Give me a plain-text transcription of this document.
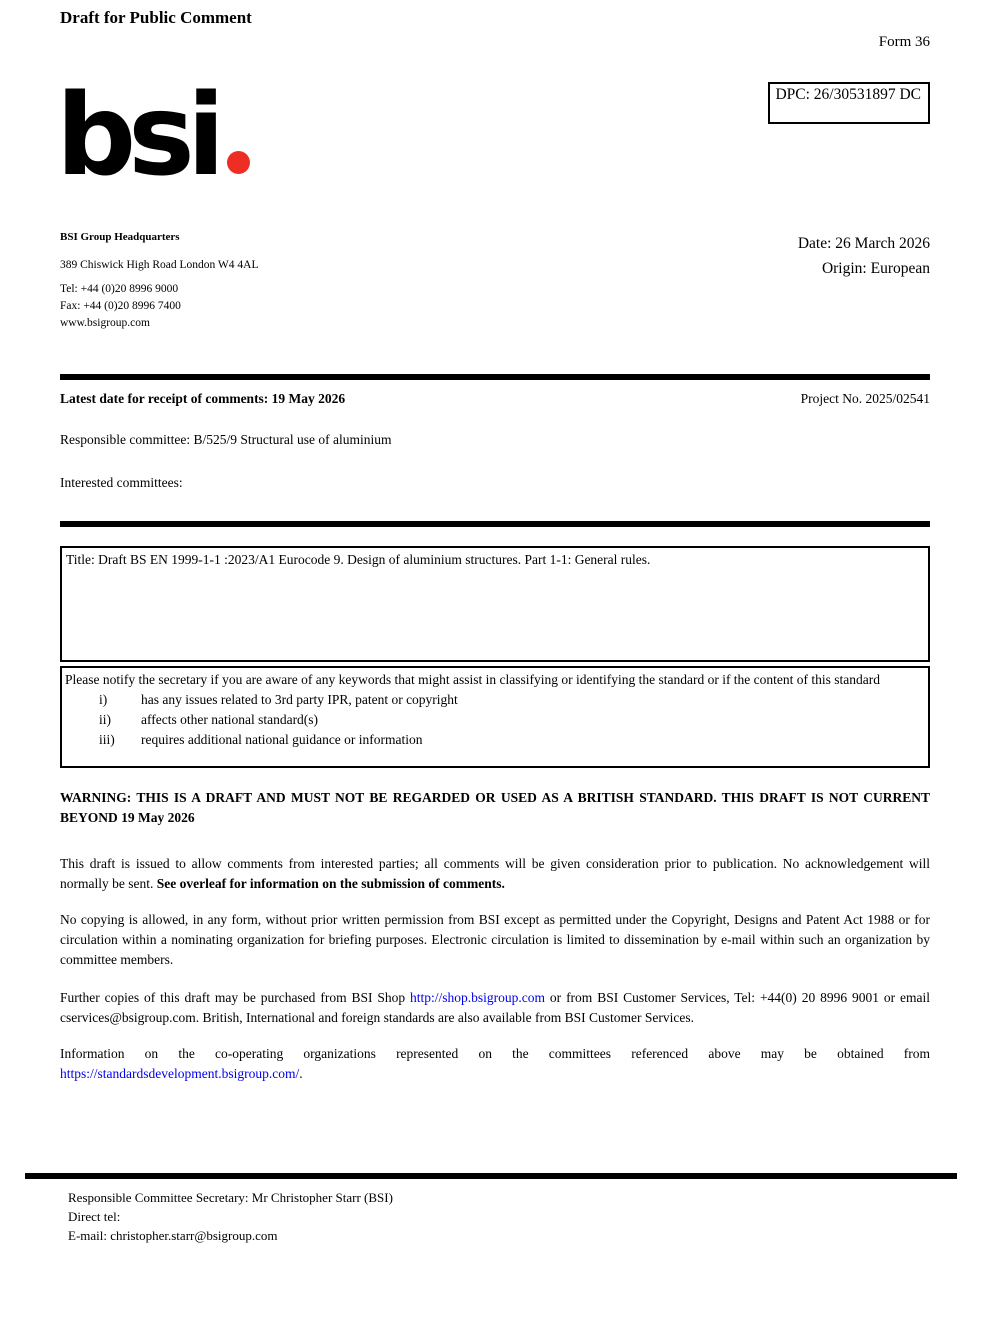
Draft for Public Comment
Form 36
DPC: 26/30531897 DC
bsi
BSI Group Headquarters
389 Chiswick High Road London W4 4AL
Tel: +44 (0)20 8996 9000
Fax: +44 (0)20 8996 7400
www.bsigroup.com
Date: 26 March 2026
Origin: European
Latest date for receipt of comments: 19 May 2026	Project No. 2025/02541
Responsible committee: B/525/9 Structural use of aluminium
Interested committees:
Title: Draft BS EN 1999-1-1 :2023/A1 Eurocode 9. Design of aluminium structures. Part 1-1: General rules.
Please notify the secretary if you are aware of any keywords that might assist in classifying or identifying the standard or if the content of this standard
i)	has any issues related to 3rd party IPR, patent or copyright
ii)	affects other national standard(s)
iii)	requires additional national guidance or information
WARNING: THIS IS A DRAFT AND MUST NOT BE REGARDED OR USED AS A BRITISH STANDARD. THIS DRAFT IS NOT CURRENT BEYOND 19 May 2026
This draft is issued to allow comments from interested parties; all comments will be given consideration prior to publication. No acknowledgement will normally be sent. See overleaf for information on the submission of comments.
No copying is allowed, in any form, without prior written permission from BSI except as permitted under the Copyright, Designs and Patent Act 1988 or for circulation within a nominating organization for briefing purposes. Electronic circulation is limited to dissemination by e-mail within such an organization by committee members.
Further copies of this draft may be purchased from BSI Shop http://shop.bsigroup.com or from BSI Customer Services, Tel: +44(0) 20 8996 9001 or email cservices@bsigroup.com. British, International and foreign standards are also available from BSI Customer Services.
Information on the co-operating organizations represented on the committees referenced above may be obtained from https://standardsdevelopment.bsigroup.com/.
Responsible Committee Secretary: Mr Christopher Starr (BSI)
Direct tel:
E-mail: christopher.starr@bsigroup.com
